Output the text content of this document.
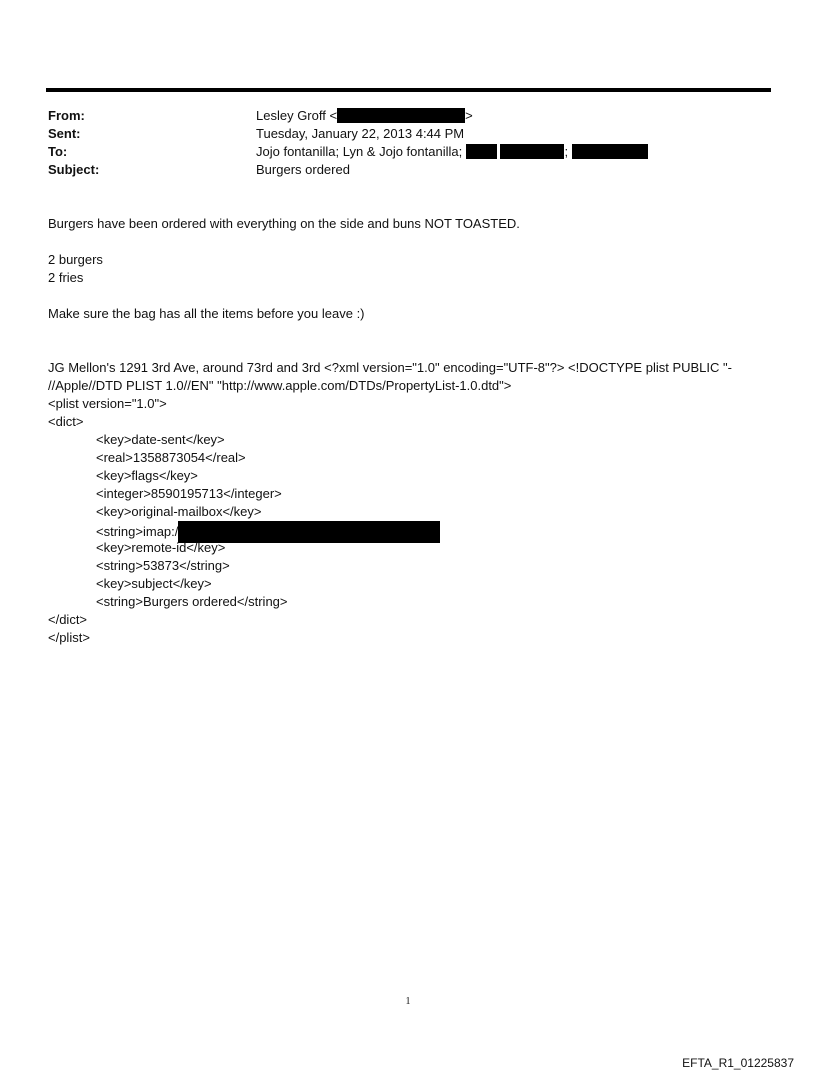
From:	Lesley Groff <	>
Sent:	Tuesday, January 22, 2013 4:44 PM
To:	Jojo fontanilla; Lyn & Jojo fontanilla;	;
Subject:	Burgers ordered
Burgers have been ordered with everything on the side and buns NOT TOASTED.
2 burgers
2 fries
Make sure the bag has all the items before you leave :)
JG Mellon's 1291 3rd Ave, around 73rd and 3rd <?xml version="1.0" encoding="UTF-8"?> <!DOCTYPE plist PUBLIC "-
//Apple//DTD PLIST 1.0//EN" "http://www.apple.com/DTDs/PropertyList-1.0.dtd">
<plist version="1.0">
<dict>
<key>date-sent</key>
<real>1358873054</real>
<key>flags</key>
<integer>8590195713</integer>
<key>original-mailbox</key>
<string>imap:/
<key>remote-id</key>
<string>53873</string>
<key>subject</key>
<string>Burgers ordered</string>
</dict>
</plist>
1
EFTA_R1_01225837
